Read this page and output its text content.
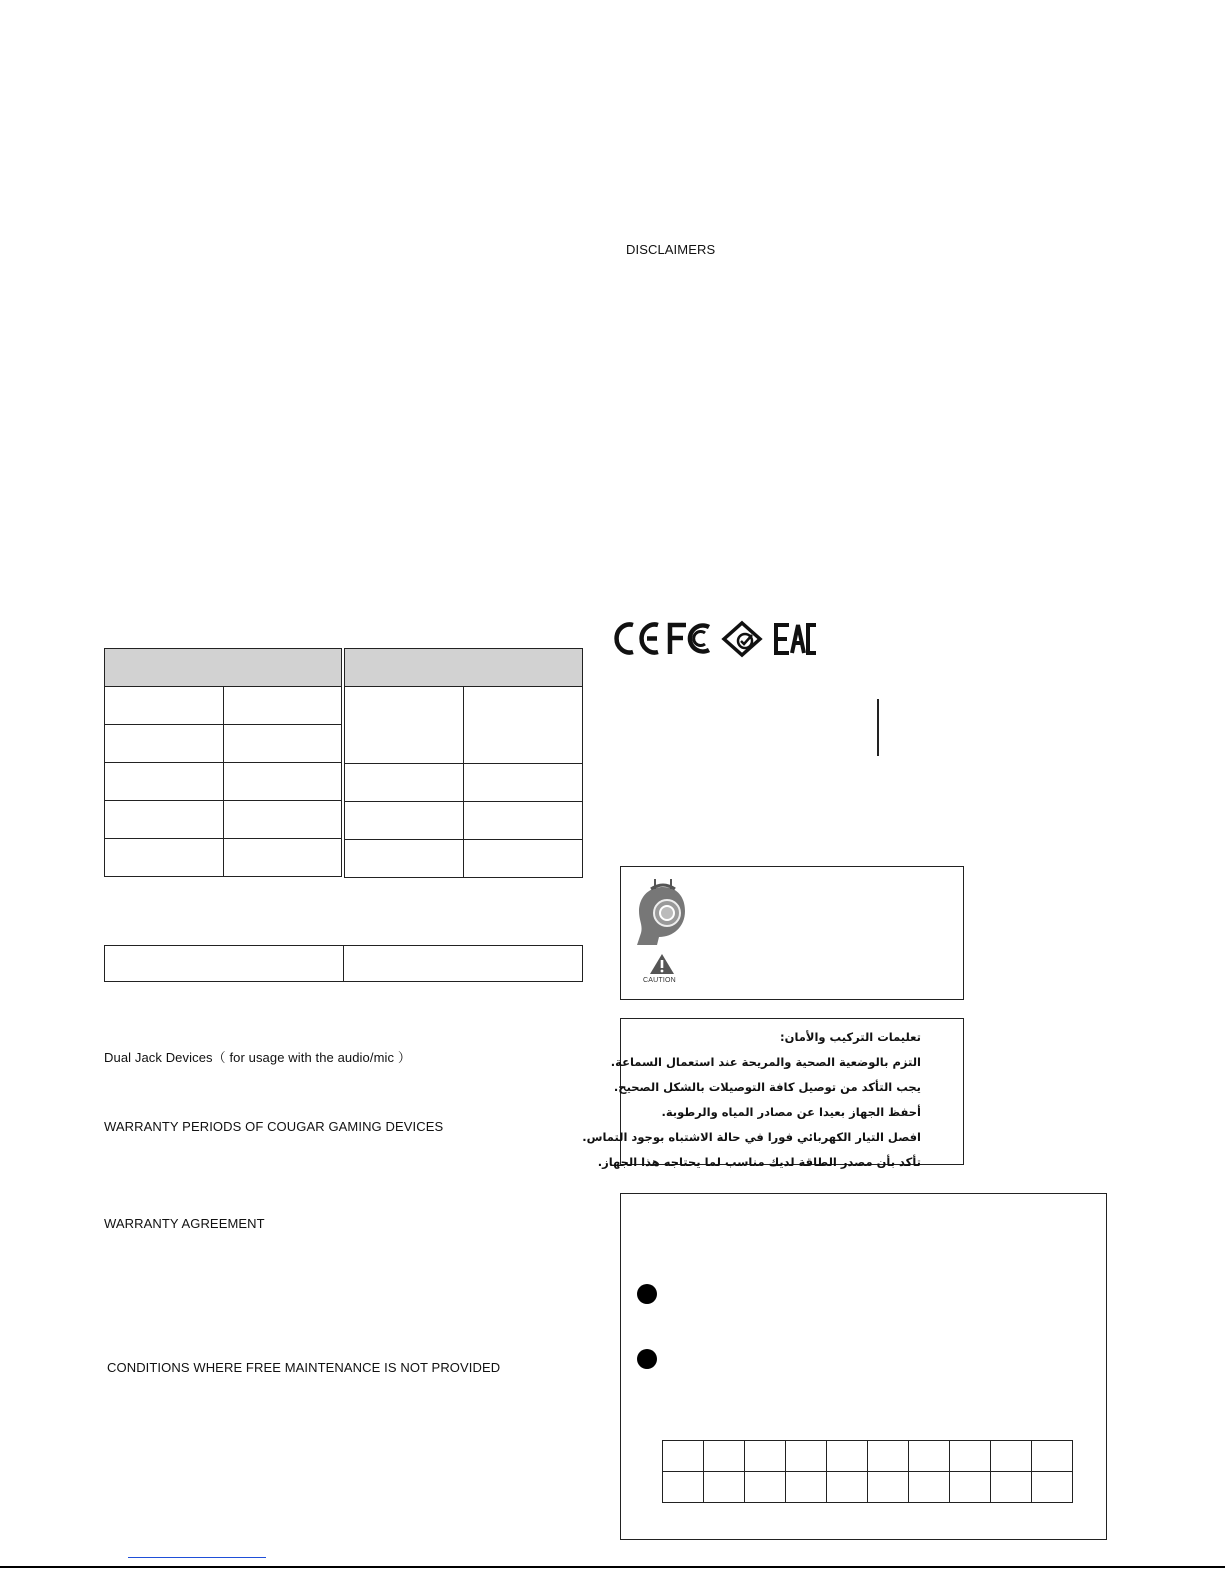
Dual Jack Devices（ for usage with the audio/mic ）
WARRANTY PERIODS OF COUGAR GAMING DEVICES
WARRANTY AGREEMENT
CONDITIONS WHERE FREE MAINTENANCE IS NOT PROVIDED
DISCLAIMERS
CAUTION
تعليمات التركيب والأمان:
التزم بالوضعية الصحية والمريحة عند استعمال السماعة.
يجب التأكد من توصيل كافة التوصيلات بالشكل الصحيح.
أحفظ الجهاز بعيدا عن مصادر المياه والرطوبة.
افصل التيار الكهربائي فورا في حالة الاشتباه بوجود التماس.
تأكد بأن مصدر الطاقة لديك مناسب لما يحتاجه هذا الجهاز.
